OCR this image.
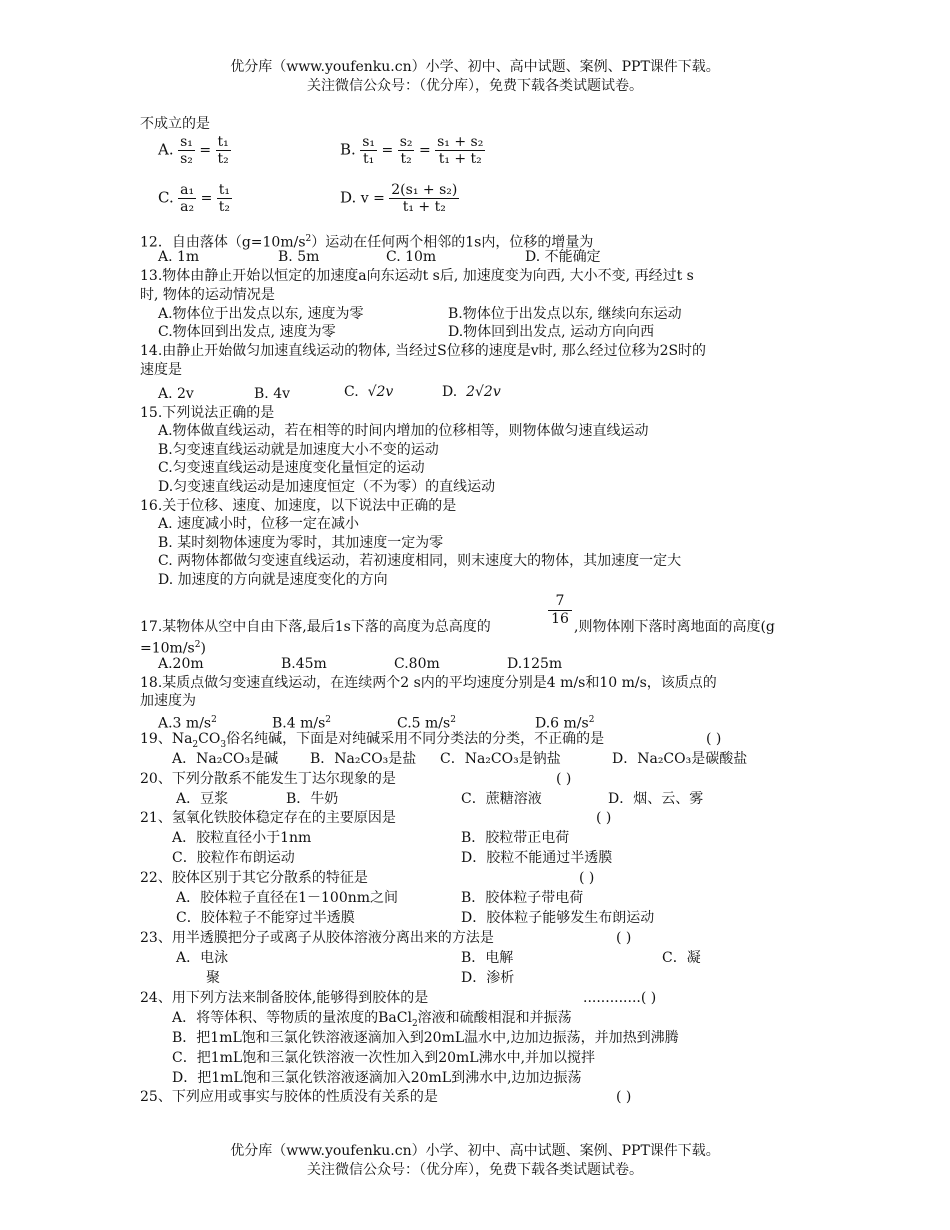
优分库（www.youfenku.cn）小学、初中、高中试题、案例、PPT课件下载。
关注微信公众号：（优分库），免费下载各类试题试卷。
不成立的是
A. $\frac{\text{s₁}}{\text{s₂}} = \frac{\text{t₁}}{\text{t₂}}$	B. $\frac{\text{s₁}}{\text{t₁}} = \frac{\text{s₂}}{\text{t₂}} = \frac{\text{s₁ + s₂}}{\text{t₁ + t₂}}$
C. $\frac{\text{a₁}}{\text{a₂}} = \frac{\text{t₁}}{\text{t₂}}$	D. $v = \frac{\text{2(s₁ + s₂)}}{\text{t₁ + t₂}}$
12．自由落体$(g=10m/s^2)$运动在任何两个相邻的1s内，位移的增量为
A. 1m	B. 5m	C. 10m	D. 不能确定
13.物体由静止开始以恒定的加速度a向东运动t s后, 加速度变为向西, 大小不变, 再经过t s
时, 物体的运动情况是
A.物体位于出发点以东, 速度为零	B.物体位于出发点以东, 继续向东运动
C.物体回到出发点, 速度为零	D.物体回到出发点, 运动方向向西
14.由静止开始做匀加速直线运动的物体, 当经过S位移的速度是v时, 那么经过位移为2S时的
速度是
A. 2v	B. 4v	C. √2v	D. 2√2v
15.下列说法正确的是
A.物体做直线运动，若在相等的时间内增加的位移相等，则物体做匀速直线运动
B.匀变速直线运动就是加速度大小不变的运动
C.匀变速直线运动是速度变化量恒定的运动
D.匀变速直线运动是加速度恒定（不为零）的直线运动
16.关于位移、速度、加速度，以下说法中正确的是
A. 速度减小时，位移一定在减小
B. 某时刻物体速度为零时，其加速度一定为零
C. 两物体都做匀变速直线运动，若初速度相同，则末速度大的物体，其加速度一定大
D. 加速度的方向就是速度变化的方向
7
16
17.某物体从空中自由下落,最后1s下落的高度为总高度的	,则物体刚下落时离地面的高度(g
$=10m/s^2$)
A.20m	B.45m	C.80m	D.125m
18.某质点做匀变速直线运动，在连续两个2 s内的平均速度分别是4 m/s和10 m/s，该质点的
加速度为
A.3 $m/s^2$	B.4 $m/s^2$	C.5 $m/s^2$	D.6 $m/s^2$
19、$Na_2CO_3$俗名纯碱，下面是对纯碱采用不同分类法的分类，不正确的是	( )
A．Na₂CO₃是碱 B．Na₂CO₃是盐 C．Na₂CO₃是钠盐	D．Na₂CO₃是碳酸盐
20、下列分散系不能发生丁达尔现象的是	( )
A．豆浆	B．牛奶	C．蔗糖溶液	D．烟、云、雾
21、氢氧化铁胶体稳定存在的主要原因是	( )
A．胶粒直径小于1nm	B．胶粒带正电荷
C．胶粒作布朗运动	D．胶粒不能通过半透膜
22、胶体区别于其它分散系的特征是	( )
A．胶体粒子直径在1－100nm之间	B．胶体粒子带电荷
C．胶体粒子不能穿过半透膜	D．胶体粒子能够发生布朗运动
23、用半透膜把分子或离子从胶体溶液分离出来的方法是	( )
A．电泳	B．电解	C．凝
聚	D．渗析
24、用下列方法来制备胶体,能够得到胶体的是	.............( )
A．将等体积、等物质的量浓度的BaCl$_2$溶液和硫酸相混和并振荡
B．把1mL饱和三氯化铁溶液逐滴加入到20mL温水中,边加边振荡，并加热到沸腾
C．把1mL饱和三氯化铁溶液一次性加入到20mL沸水中,并加以搅拌
D．把1mL饱和三氯化铁溶液逐滴加入20mL到沸水中,边加边振荡
25、下列应用或事实与胶体的性质没有关系的是	( )
优分库（www.youfenku.cn）小学、初中、高中试题、案例、PPT课件下载。
关注微信公众号：（优分库），免费下载各类试题试卷。
